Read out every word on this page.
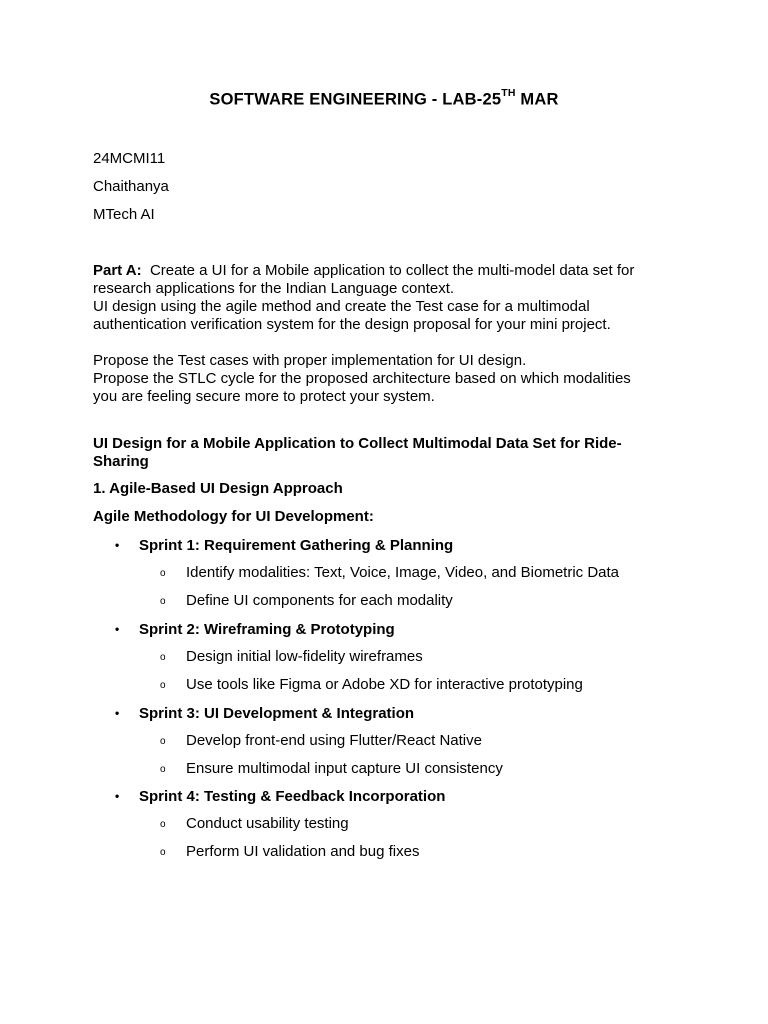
SOFTWARE ENGINEERING - LAB-25TH MAR
24MCMI11
Chaithanya
MTech AI
Part A:  Create a UI for a Mobile application to collect the multi-model data set for
research applications for the Indian Language context.
UI design using the agile method and create the Test case for a multimodal
authentication verification system for the design proposal for your mini project.
Propose the Test cases with proper implementation for UI design.
Propose the STLC cycle for the proposed architecture based on which modalities
you are feeling secure more to protect your system.
UI Design for a Mobile Application to Collect Multimodal Data Set for Ride-
Sharing
1. Agile-Based UI Design Approach
Agile Methodology for UI Development:
• Sprint 1: Requirement Gathering & Planning
o Identify modalities: Text, Voice, Image, Video, and Biometric Data
o Define UI components for each modality
• Sprint 2: Wireframing & Prototyping
o Design initial low-fidelity wireframes
o Use tools like Figma or Adobe XD for interactive prototyping
• Sprint 3: UI Development & Integration
o Develop front-end using Flutter/React Native
o Ensure multimodal input capture UI consistency
• Sprint 4: Testing & Feedback Incorporation
o Conduct usability testing
o Perform UI validation and bug fixes
